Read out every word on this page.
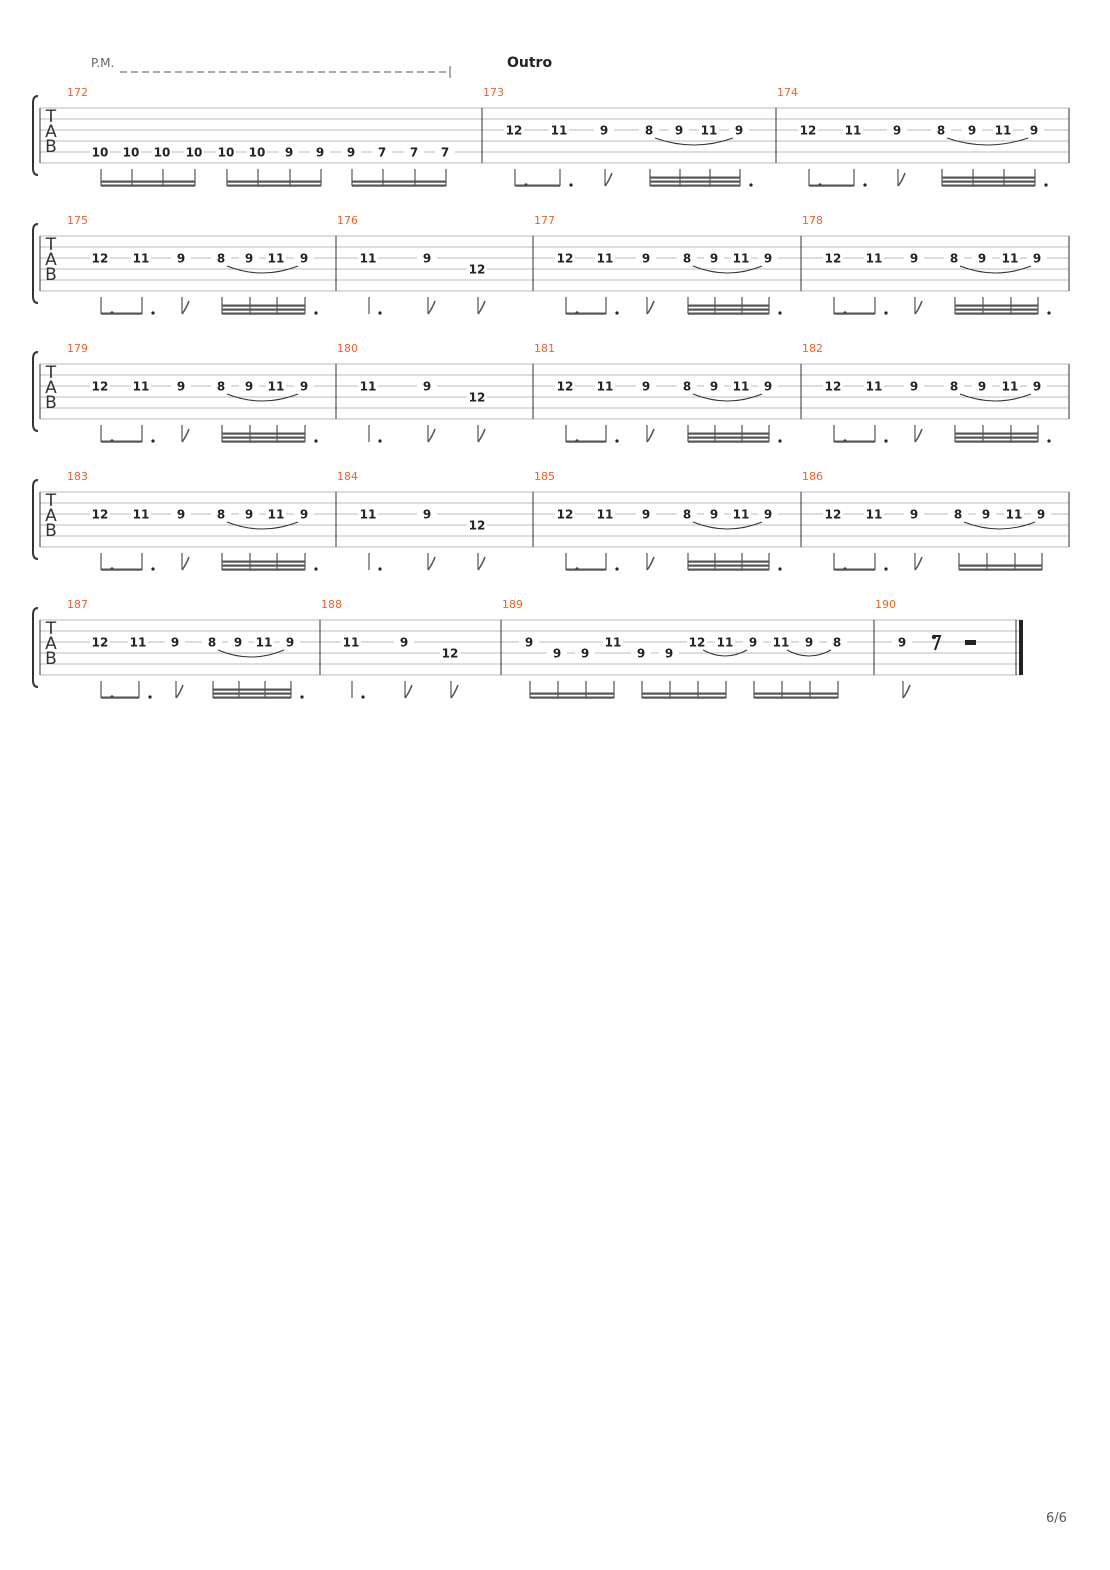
P.M.	Outro
T
A
B
172
10 10 10 10 10 10 9 9 9 7 7 7
173
12 11	9	8 9 11 9
174
12 11	9	8 9 11 9
T
A
B
175
12 11 9	8 9 11 9
176
11	9
12
177
12 11 9	8 9 11 9
178
12 11 9	8 9 11 9
T
A
B
179
12 11 9	8 9 11 9
180
11	9
12
181
12 11 9	8 9 11 9
182
12 11 9	8 9 11 9
T
A
B
183
12 11 9	8 9 11 9
184
11	9
12
185
12 11 9	8 9 11 9
186
12 11 9	8 9 11 9
T
A
B
187
12 11 9 8 9 11 9
188
11	9
12
189
9
9 9
11
9 9
12 11 9 11 9 8
190
9
6/6
